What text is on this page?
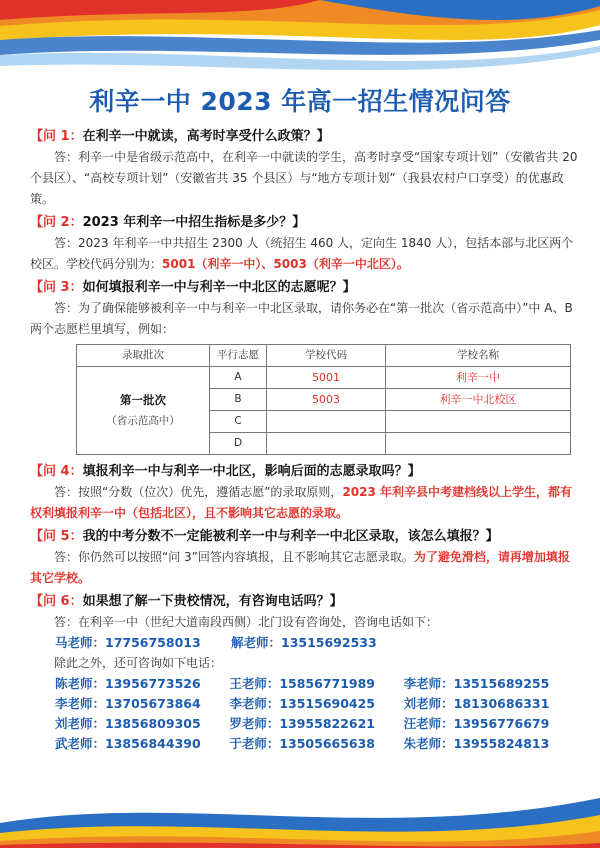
利辛一中 2023 年高一招生情况问答
【问 1：在利辛一中就读，高考时享受什么政策？】
答：利辛一中是省级示范高中，在利辛一中就读的学生，高考时享受“国家专项计划”（安徽省共 20 个县区）、“高校专项计划”（安徽省共 35 个县区）与“地方专项计划”（我县农村户口享受）的优惠政策。
【问 2：2023 年利辛一中招生指标是多少？】
答：2023 年利辛一中共招生 2300 人（统招生 460 人，定向生 1840 人），包括本部与北区两个校区。学校代码分别为：5001（利辛一中）、5003（利辛一中北区）。
【问 3：如何填报利辛一中与利辛一中北区的志愿呢？】
答：为了确保能够被利辛一中与利辛一中北区录取，请你务必在“第一批次（省示范高中）”中 A、B 两个志愿栏里填写，例如：
录取批次	平行志愿	学校代码	学校名称

第一批次
（省示范高中）	A	5001	利辛一中
	B	5003	利辛一中北校区
	C		
	D		
【问 4：填报利辛一中与利辛一中北区，影响后面的志愿录取吗？】
答：按照“分数（位次）优先，遵循志愿”的录取原则，2023 年利辛县中考建档线以上学生，都有权利填报利辛一中（包括北区），且不影响其它志愿的录取。
【问 5：我的中考分数不一定能被利辛一中与利辛一中北区录取，该怎么填报？】
答：你仍然可以按照“问 3”回答内容填报，且不影响其它志愿录取。为了避免滑档，请再增加填报其它学校。
【问 6：如果想了解一下贵校情况，有咨询电话吗？】
答：在利辛一中（世纪大道南段西侧）北门设有咨询处，咨询电话如下：
马老师：17756758013	解老师：13515692533
除此之外，还可咨询如下电话：
陈老师：13956773526	王老师：15856771989	李老师：13515689255
李老师：13705673864	李老师：13515690425	刘老师：18130686331
刘老师：13856809305	罗老师：13955822621	汪老师：13956776679
武老师：13856844390	于老师：13505665638	朱老师：13955824813
